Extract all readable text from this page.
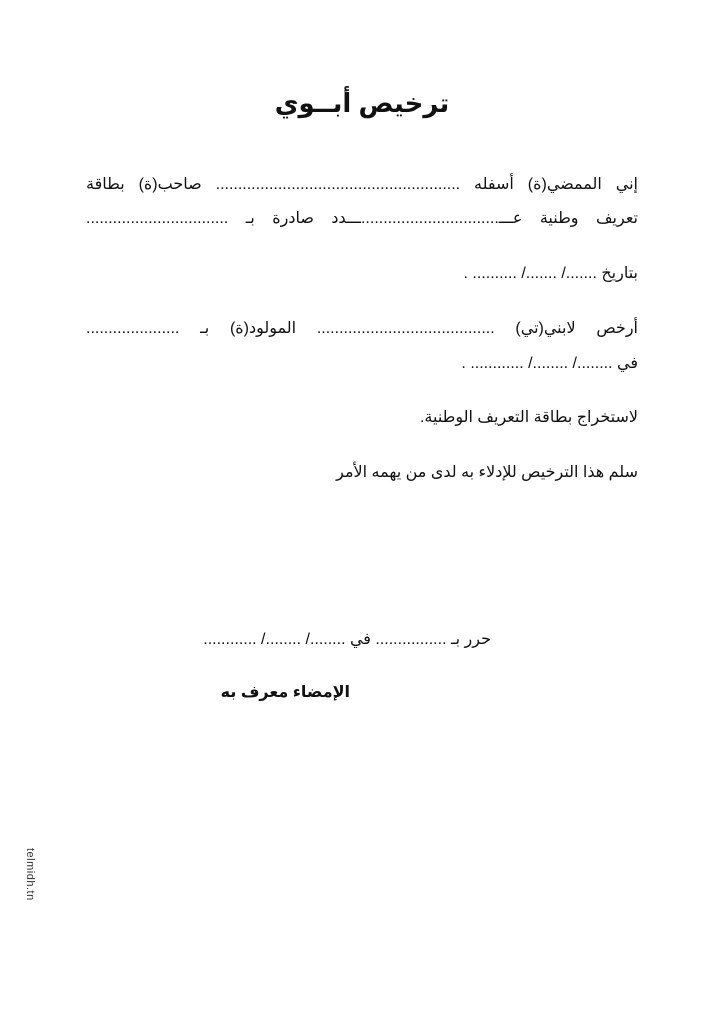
ترخيص أبــوي
إني الممضي(ة) أسفله ....................................................... صاحب(ة) بطاقة
تعريف وطنية عـــ...............................ـــدد صادرة بـ ................................
بتاريخ ......./ ......./ .......... .
أرخص لابني(تي) ........................................ المولود(ة) بـ .....................
في ......../ ......../ ............ .
لاستخراج بطاقة التعريف الوطنية.
سلم هذا الترخيص للإدلاء به لدى من يهمه الأمر
حرر بـ ................ في ......../ ......../ ............
الإمضاء معرف به
telmidh.tn
